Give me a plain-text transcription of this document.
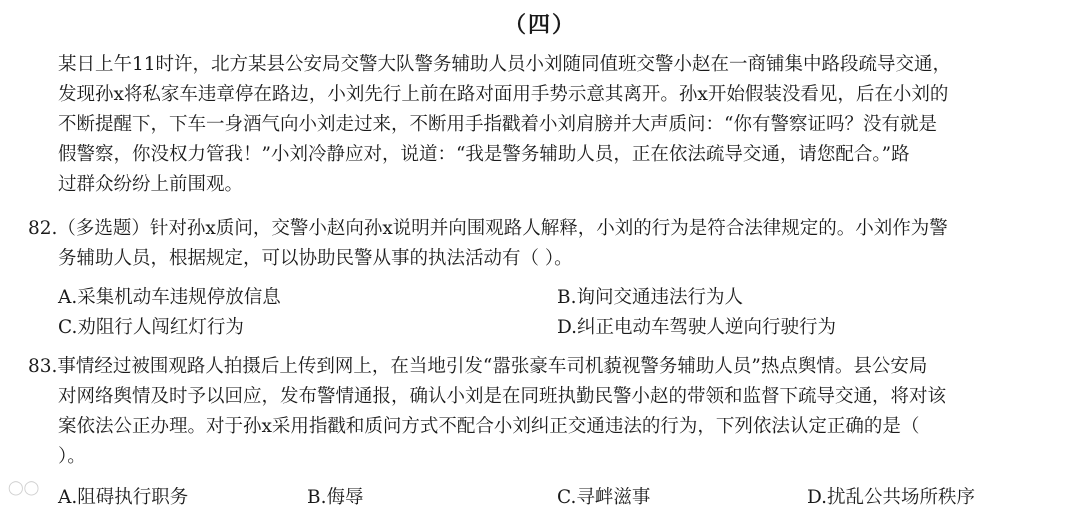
（四）
某日上午11时许，北方某县公安局交警大队警务辅助人员小刘随同值班交警小赵在一商铺集中路段疏导交通，
发现孙x将私家车违章停在路边，小刘先行上前在路对面用手势示意其离开。孙x开始假装没看见，后在小刘的
不断提醒下，下车一身酒气向小刘走过来，不断用手指戳着小刘肩膀并大声质问：“你有警察证吗？没有就是
假警察，你没权力管我！”小刘冷静应对，说道：“我是警务辅助人员，正在依法疏导交通，请您配合。”路
过群众纷纷上前围观。
82.（多选题）针对孙x质问，交警小赵向孙x说明并向围观路人解释，小刘的行为是符合法律规定的。小刘作为警
务辅助人员，根据规定，可以协助民警从事的执法活动有（ ）。
A.采集机动车违规停放信息	B.询问交通违法行为人
C.劝阻行人闯红灯行为	D.纠正电动车驾驶人逆向行驶行为
83.事情经过被围观路人拍摄后上传到网上，在当地引发“嚣张豪车司机藐视警务辅助人员”热点舆情。县公安局
对网络舆情及时予以回应，发布警情通报，确认小刘是在同班执勤民警小赵的带领和监督下疏导交通，将对该
案依法公正办理。对于孙x采用指戳和质问方式不配合小刘纠正交通违法的行为，下列依法认定正确的是（
）。
A.阻碍执行职务	B.侮辱	C.寻衅滋事	D.扰乱公共场所秩序
◯◯
